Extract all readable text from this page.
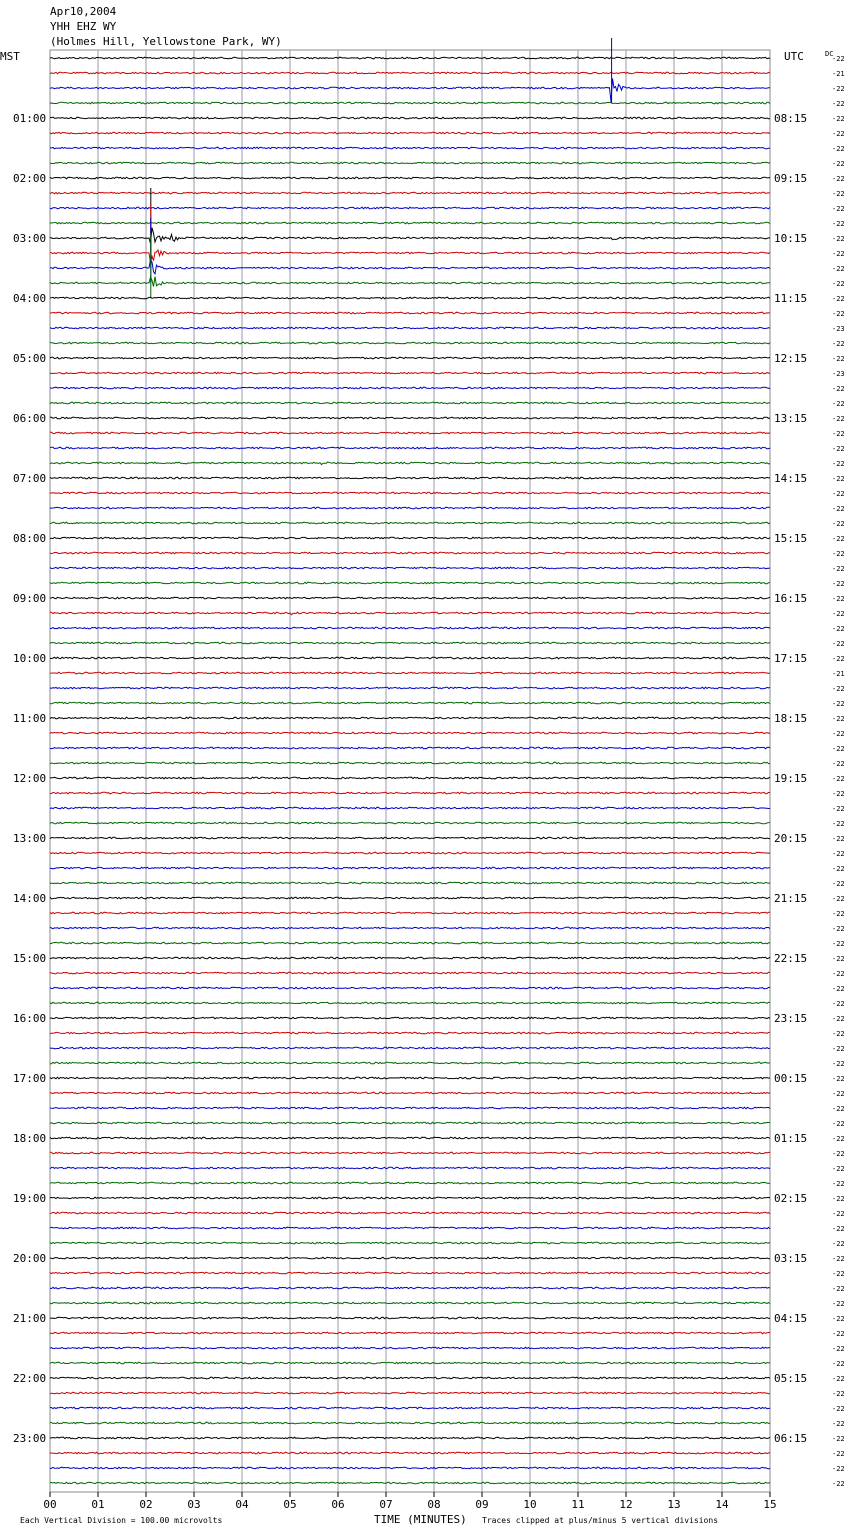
Apr10,2004
YHH EHZ WY
(Holmes Hill, Yellowstone Park, WY)
01:00	08:15
02:00	09:15
03:00	10:15
04:00	11:15
05:00	12:15
06:00	13:15
07:00	14:15
08:00	15:15
09:00	16:15
10:00	17:15
11:00	18:15
12:00	19:15
13:00	20:15
14:00	21:15
15:00	22:15
16:00	23:15
17:00	00:15
18:00	01:15
19:00	02:15
20:00	03:15
21:00	04:15
22:00	05:15
23:00	06:15
-22
-21
-22
-22
-22
-22
-22
-22
-22
-22
-22
-22
-22
-22
-22
-22
-22
-22
-23
-22
-22
-23
-22
-22
-22
-22
-22
-22
-22
-22
-22
-22
-22
-22
-22
-22
-22
-22
-22
-22
-22
-21
-22
-22
-22
-22
-22
-22
-22
-22
-22
-22
-22
-22
-22
-22
-22
-22
-22
-22
-22
-22
-22
-22
-22
-22
-22
-22
-22
-22
-22
-22
-22
-22
-22
-22
-22
-22
-22
-22
-22
-22
-22
-22
-22
-22
-22
-22
-22
-22
-22
-22
-22
-22
-22
-22
00	01	02	03	04	05	06	07	08	09	10	11	12	13	14	15
MST	UTC	DC
Each Vertical Division = 100.00 microvolts	TIME (MINUTES) Traces clipped at plus/minus 5 vertical divisions
